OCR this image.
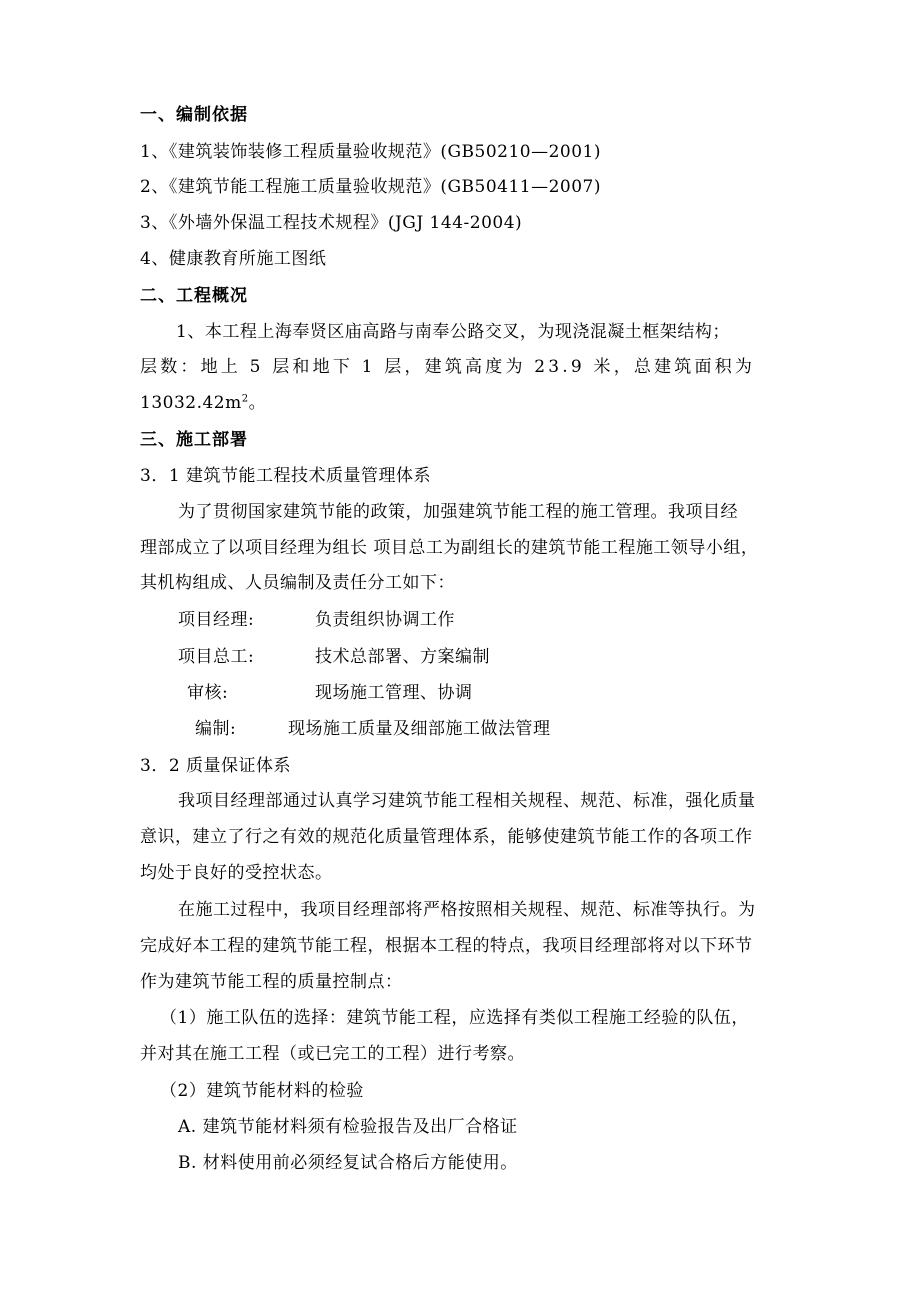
一、编制依据
1、《建筑装饰装修工程质量验收规范》(GB50210—2001)
2、《建筑节能工程施工质量验收规范》(GB50411—2007)
3、《外墙外保温工程技术规程》(JGJ 144-2004)
4、健康教育所施工图纸
二、工程概况
1、本工程上海奉贤区庙高路与南奉公路交叉，为现浇混凝土框架结构；
层数：地上 5 层和地下 1 层，建筑高度为 23.9 米，总建筑面积为
$13032.42m^2$。
三、施工部署
3．1 建筑节能工程技术质量管理体系
为了贯彻国家建筑节能的政策，加强建筑节能工程的施工管理。我项目经
理部成立了以项目经理为组长 项目总工为副组长的建筑节能工程施工领导小组，
其机构组成、人员编制及责任分工如下：
项目经理:	负责组织协调工作
项目总工:	技术总部署、方案编制
审核:	现场施工管理、协调
编制:	现场施工质量及细部施工做法管理
3．2 质量保证体系
我项目经理部通过认真学习建筑节能工程相关规程、规范、标准，强化质量
意识，建立了行之有效的规范化质量管理体系，能够使建筑节能工作的各项工作
均处于良好的受控状态。
在施工过程中，我项目经理部将严格按照相关规程、规范、标准等执行。为
完成好本工程的建筑节能工程，根据本工程的特点，我项目经理部将对以下环节
作为建筑节能工程的质量控制点：
（1）施工队伍的选择：建筑节能工程，应选择有类似工程施工经验的队伍，
并对其在施工工程（或已完工的工程）进行考察。
（2）建筑节能材料的检验
A. 建筑节能材料须有检验报告及出厂合格证
B. 材料使用前必须经复试合格后方能使用。
